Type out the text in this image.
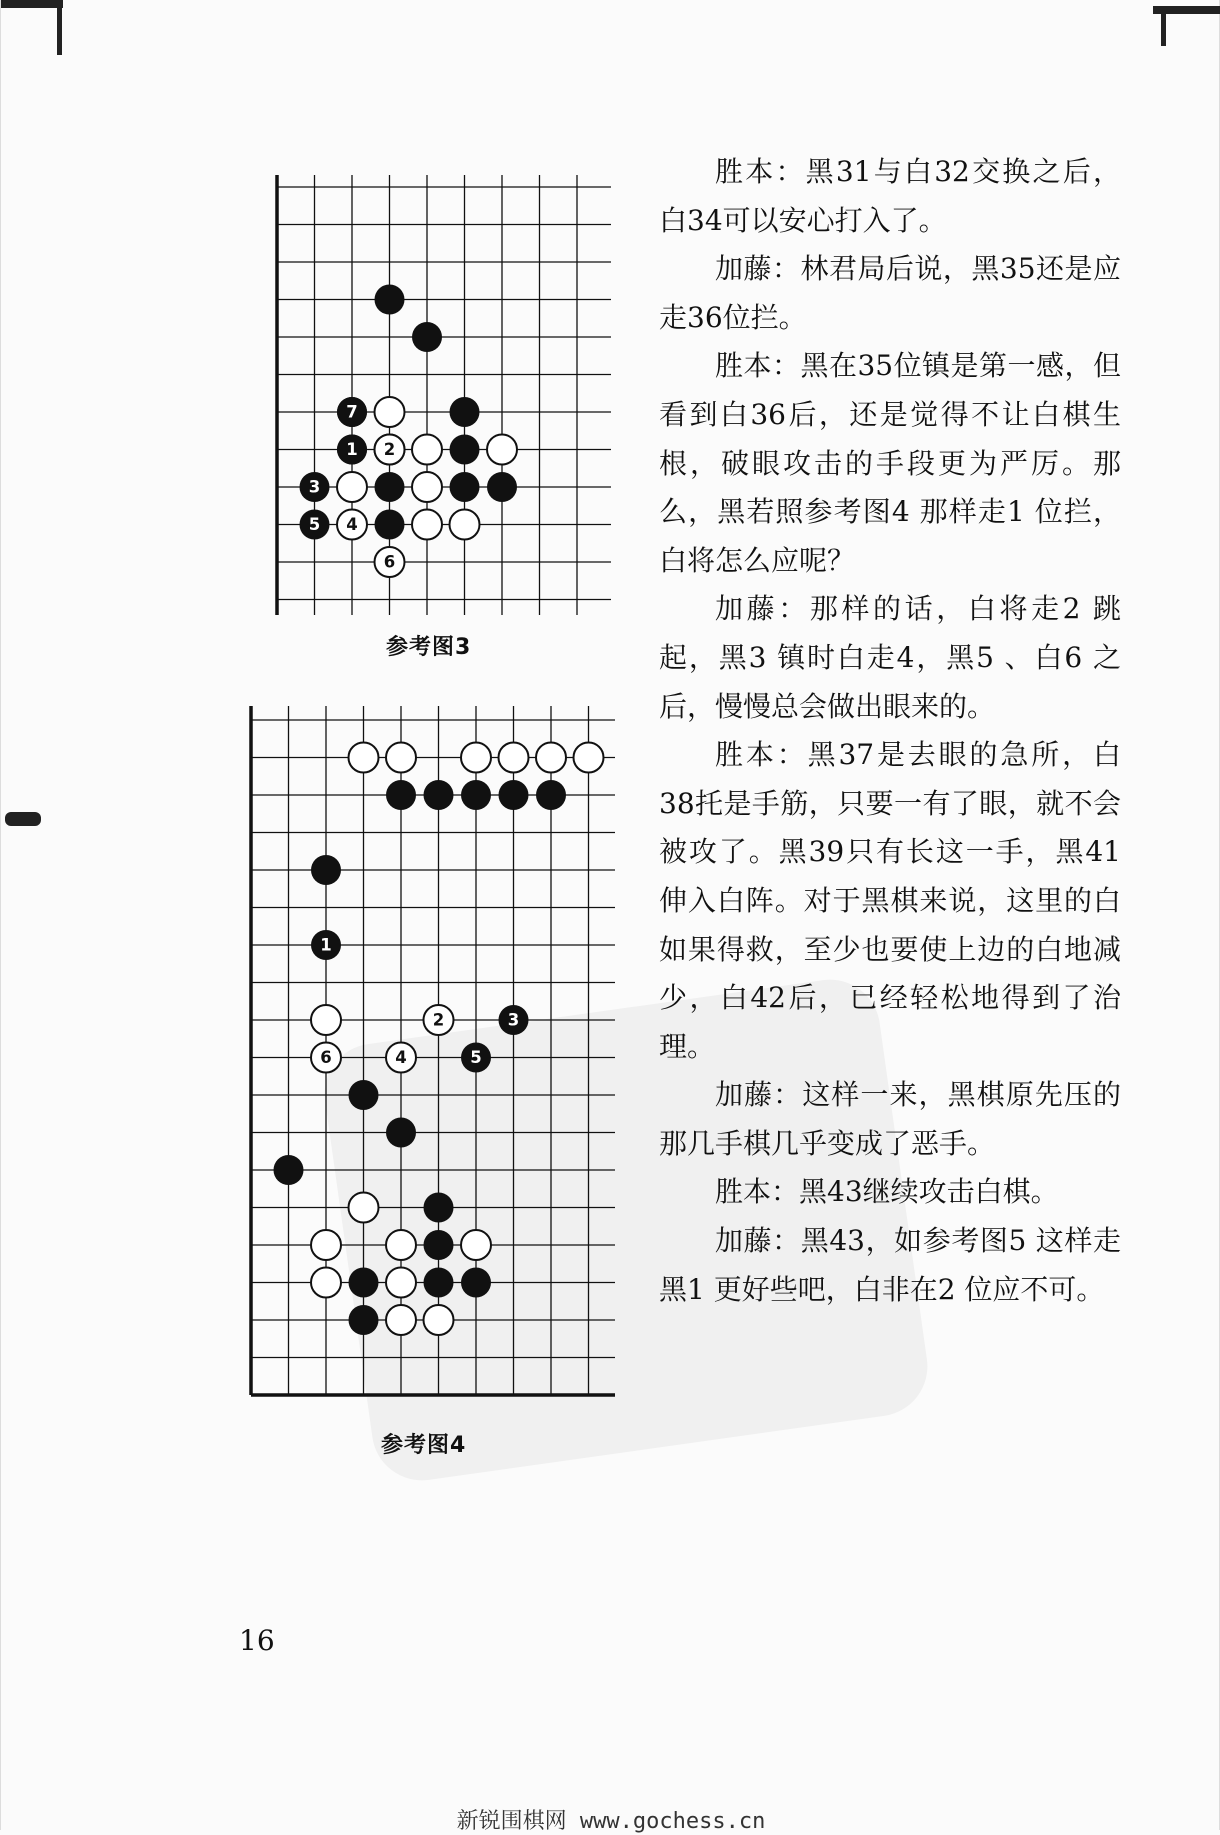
7
1 2
3
5 4
6
参考图3
1
2	3
4	5
6
参考图4

胜本：黑31与白32交换之后，白34可以安心打入了。

加藤：林君局后说，黑35还是应走36位拦。

胜本：黑在35位镇是第一感，但看到白36后，还是觉得不让白棋生根，破眼攻击的手段更为严厉。那么，黑若照参考图4 那样走1 位拦，白将怎么应呢？

加藤：那样的话，白将走2 跳起，黑3 镇时白走4，黑5 、白6 之后，慢慢总会做出眼来的。

胜本：黑37是去眼的急所，白38托是手筋，只要一有了眼，就不会被攻了。黑39只有长这一手，黑41伸入白阵。对于黑棋来说，这里的白如果得救，至少也要使上边的白地减少，白42后，已经轻松地得到了治理。

加藤：这样一来，黑棋原先压的那几手棋几乎变成了恶手。

胜本：黑43继续攻击白棋。

加藤：黑43，如参考图5 这样走黑1 更好些吧，白非在2 位应不可。

16
新锐围棋网 www.gochess.cn
